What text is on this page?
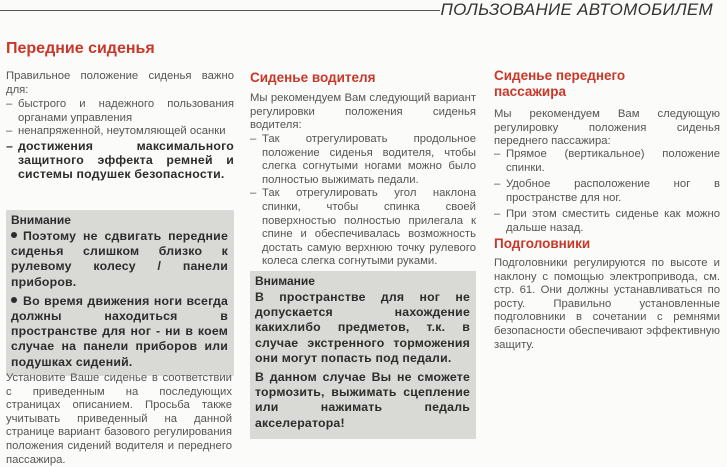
ПОЛЬЗОВАНИЕ АВТОМОБИЛЕМ
Передние сиденья
Правильное положение сиденья важно для:
– быстрого и надежного пользования органами управления
– ненапряженной, неутомляющей осанки
– достижения максимального защитного эффекта ремней и системы подушек безопасности.
Внимание

Поэтому не сдвигать передние сиденья слишком близко к рулевому колесу / панели приборов.

Во время движения ноги всегда должны находиться в пространстве для ног - ни в коем случае на панели приборов или подушках сидений.

Установите Ваше сиденье в соответствии с приведенным на последующих страницах описанием. Просьба также учитывать приведенный на данной странице вариант базового регулирования положения сидений водителя и переднего пассажира.
Сиденье водителя
Мы рекомендуем Вам следующий вариант регулировки положения сиденья водителя:
– Так отрегулировать продольное положение сиденья водителя, чтобы слегка согнутыми ногами можно было полностью выжимать педали.
– Так отрегулировать угол наклона спинки, чтобы спинка своей поверхностью полностью прилегала к спине и обеспечивалась возможность достать самую верхнюю точку рулевого колеса слегка согнутыми руками.
Внимание

В пространстве для ног не допускается нахождение какихлибо предметов, т.к. в случае экстренного торможения они могут попасть под педали.

В данном случае Вы не сможете тормозить, выжимать сцепление или нажимать педаль акселератора!

Сиденье переднего пассажира
Мы рекомендуем Вам следующую регулировку положения сиденья переднего пассажира:
– Прямое (вертикальное) положение спинки.
– Удобное расположение ног в пространстве для ног.
– При этом сместить сиденье как можно дальше назад.
Подголовники
Подголовники регулируются по высоте и наклону с помощью электропривода, см. стр. 61. Они должны устанавливаться по росту. Правильно установленные подголовники в сочетании с ремнями безопасности обеспечивают эффективную защиту.
